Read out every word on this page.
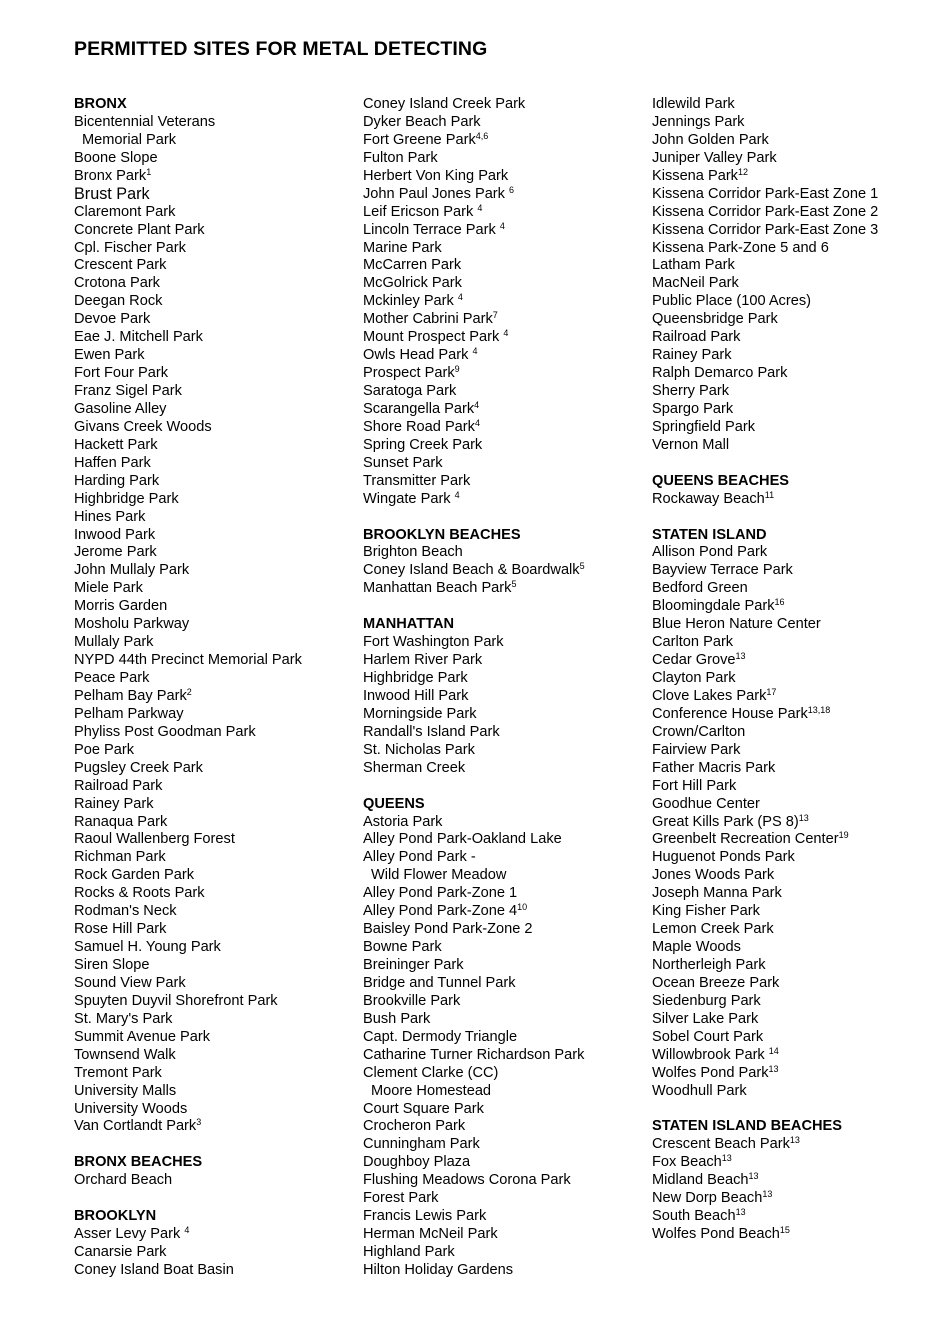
PERMITTED SITES FOR METAL DETECTING
BRONX
Bicentennial Veterans
Memorial Park
Boone Slope
Bronx Park$^1$
Brust Park
Claremont Park
Concrete Plant Park
Cpl. Fischer Park
Crescent Park
Crotona Park
Deegan Rock
Devoe Park
Eae J. Mitchell Park
Ewen Park
Fort Four Park
Franz Sigel Park
Gasoline Alley
Givans Creek Woods
Hackett Park
Haffen Park
Harding Park
Highbridge Park
Hines Park
Inwood Park
Jerome Park
John Mullaly Park
Miele Park
Morris Garden
Mosholu Parkway
Mullaly Park
NYPD 44th Precinct Memorial Park
Peace Park
Pelham Bay Park$^2$
Pelham Parkway
Phyliss Post Goodman Park
Poe Park
Pugsley Creek Park
Railroad Park
Rainey Park
Ranaqua Park
Raoul Wallenberg Forest
Richman Park
Rock Garden Park
Rocks & Roots Park
Rodman's Neck
Rose Hill Park
Samuel H. Young Park
Siren Slope
Sound View Park
Spuyten Duyvil Shorefront Park
St. Mary's Park
Summit Avenue Park
Townsend Walk
Tremont Park
University Malls
University Woods
Van Cortlandt Park$^3$
BRONX BEACHES
Orchard Beach
BROOKLYN
Asser Levy Park $^4$
Canarsie Park
Coney Island Boat Basin
Coney Island Creek Park
Dyker Beach Park
Fort Greene Park$^{4,6}$
Fulton Park
Herbert Von King Park
John Paul Jones Park $^6$
Leif Ericson Park $^4$
Lincoln Terrace Park $^4$
Marine Park
McCarren Park
McGolrick Park
Mckinley Park $^4$
Mother Cabrini Park$^7$
Mount Prospect Park $^4$
Owls Head Park $^4$
Prospect Park$^9$
Saratoga Park
Scarangella Park$^4$
Shore Road Park$^4$
Spring Creek Park
Sunset Park
Transmitter Park
Wingate Park $^4$
BROOKLYN BEACHES
Brighton Beach
Coney Island Beach & Boardwalk$^5$
Manhattan Beach Park$^5$
MANHATTAN
Fort Washington Park
Harlem River Park
Highbridge Park
Inwood Hill Park
Morningside Park
Randall's Island Park
St. Nicholas Park
Sherman Creek
QUEENS
Astoria Park
Alley Pond Park-Oakland Lake
Alley Pond Park -
Wild Flower Meadow
Alley Pond Park-Zone 1
Alley Pond Park-Zone $4^{10}$
Baisley Pond Park-Zone 2
Bowne Park
Breininger Park
Bridge and Tunnel Park
Brookville Park
Bush Park
Capt. Dermody Triangle
Catharine Turner Richardson Park
Clement Clarke (CC)
Moore Homestead
Court Square Park
Crocheron Park
Cunningham Park
Doughboy Plaza
Flushing Meadows Corona Park
Forest Park
Francis Lewis Park
Herman McNeil Park
Highland Park
Hilton Holiday Gardens
Idlewild Park
Jennings Park
John Golden Park
Juniper Valley Park
Kissena Park$^{12}$
Kissena Corridor Park-East Zone 1
Kissena Corridor Park-East Zone 2
Kissena Corridor Park-East Zone 3
Kissena Park-Zone 5 and 6
Latham Park
MacNeil Park
Public Place (100 Acres)
Queensbridge Park
Railroad Park
Rainey Park
Ralph Demarco Park
Sherry Park
Spargo Park
Springfield Park
Vernon Mall
QUEENS BEACHES
Rockaway Beach$^{11}$
STATEN ISLAND
Allison Pond Park
Bayview Terrace Park
Bedford Green
Bloomingdale Park$^{16}$
Blue Heron Nature Center
Carlton Park
Cedar Grove$^{13}$
Clayton Park
Clove Lakes Park$^{17}$
Conference House Park$^{13,18}$
Crown/Carlton
Fairview Park
Father Macris Park
Fort Hill Park
Goodhue Center
Great Kills Park (PS 8)$^{13}$
Greenbelt Recreation Center$^{19}$
Huguenot Ponds Park
Jones Woods Park
Joseph Manna Park
King Fisher Park
Lemon Creek Park
Maple Woods
Northerleigh Park
Ocean Breeze Park
Siedenburg Park
Silver Lake Park
Sobel Court Park
Willowbrook Park $^{14}$
Wolfes Pond Park$^{13}$
Woodhull Park
STATEN ISLAND BEACHES
Crescent Beach Park$^{13}$
Fox Beach$^{13}$
Midland Beach$^{13}$
New Dorp Beach$^{13}$
South Beach$^{13}$
Wolfes Pond Beach$^{15}$
